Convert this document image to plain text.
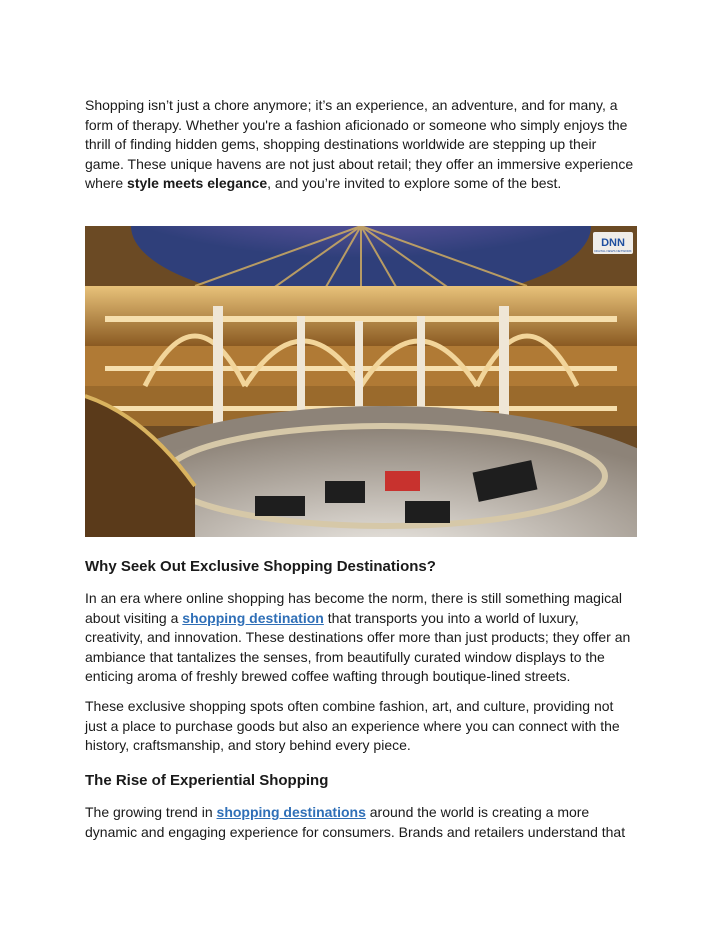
Shopping isn’t just a chore anymore; it’s an experience, an adventure, and for many, a form of therapy. Whether you're a fashion aficionado or someone who simply enjoys the thrill of finding hidden gems, shopping destinations worldwide are stepping up their game. These unique havens are not just about retail; they offer an immersive experience where style meets elegance, and you’re invited to explore some of the best.

DNN
DIGITAL NEWS NETWORK
Why Seek Out Exclusive Shopping Destinations?

In an era where online shopping has become the norm, there is still something magical about visiting a shopping destination that transports you into a world of luxury, creativity, and innovation. These destinations offer more than just products; they offer an ambiance that tantalizes the senses, from beautifully curated window displays to the enticing aroma of freshly brewed coffee wafting through boutique-lined streets.

These exclusive shopping spots often combine fashion, art, and culture, providing not just a place to purchase goods but also an experience where you can connect with the history, craftsmanship, and story behind every piece.

The Rise of Experiential Shopping

The growing trend in shopping destinations around the world is creating a more dynamic and engaging experience for consumers. Brands and retailers understand that
